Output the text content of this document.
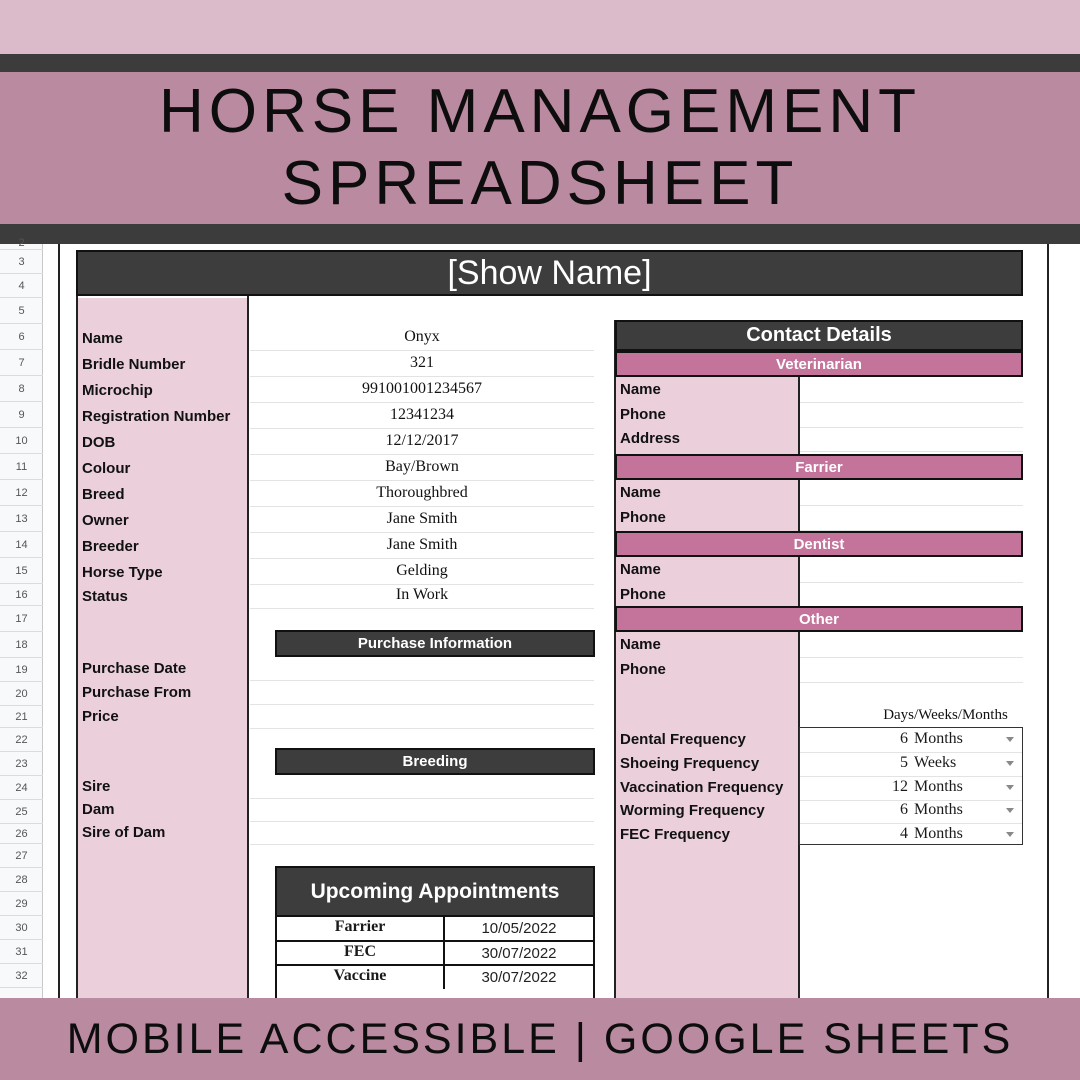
HORSE MANAGEMENT
SPREADSHEET
2
3
4
5
6
7
8
9
10
11
12
13
14
15
16
17
18
19
20
21
22
23
24
25
26
27
28
29
30
31
32
[Show Name]
Name	Onyx
Bridle Number	321
Microchip	991001001234567
Registration Number	12341234
DOB	12/12/2017
Colour	Bay/Brown
Breed	Thoroughbred
Owner	Jane Smith
Breeder	Jane Smith
Horse Type	Gelding
Status	In Work
Purchase Information
Purchase Date
Purchase From
Price
Breeding
Sire
Dam
Sire of Dam
Upcoming Appointments
Farrier	10/05/2022
FEC	30/07/2022
Vaccine	30/07/2022
Contact Details
Veterinarian
Name
Phone
Address
Farrier
Name
Phone
Dentist
Name
Phone
Other
Name
Phone
Days/Weeks/Months
Dental Frequency	6 Months
Shoeing Frequency	5 Weeks
Vaccination Frequency	12 Months
Worming Frequency	6 Months
FEC Frequency	4 Months
MOBILE ACCESSIBLE | GOOGLE SHEETS
